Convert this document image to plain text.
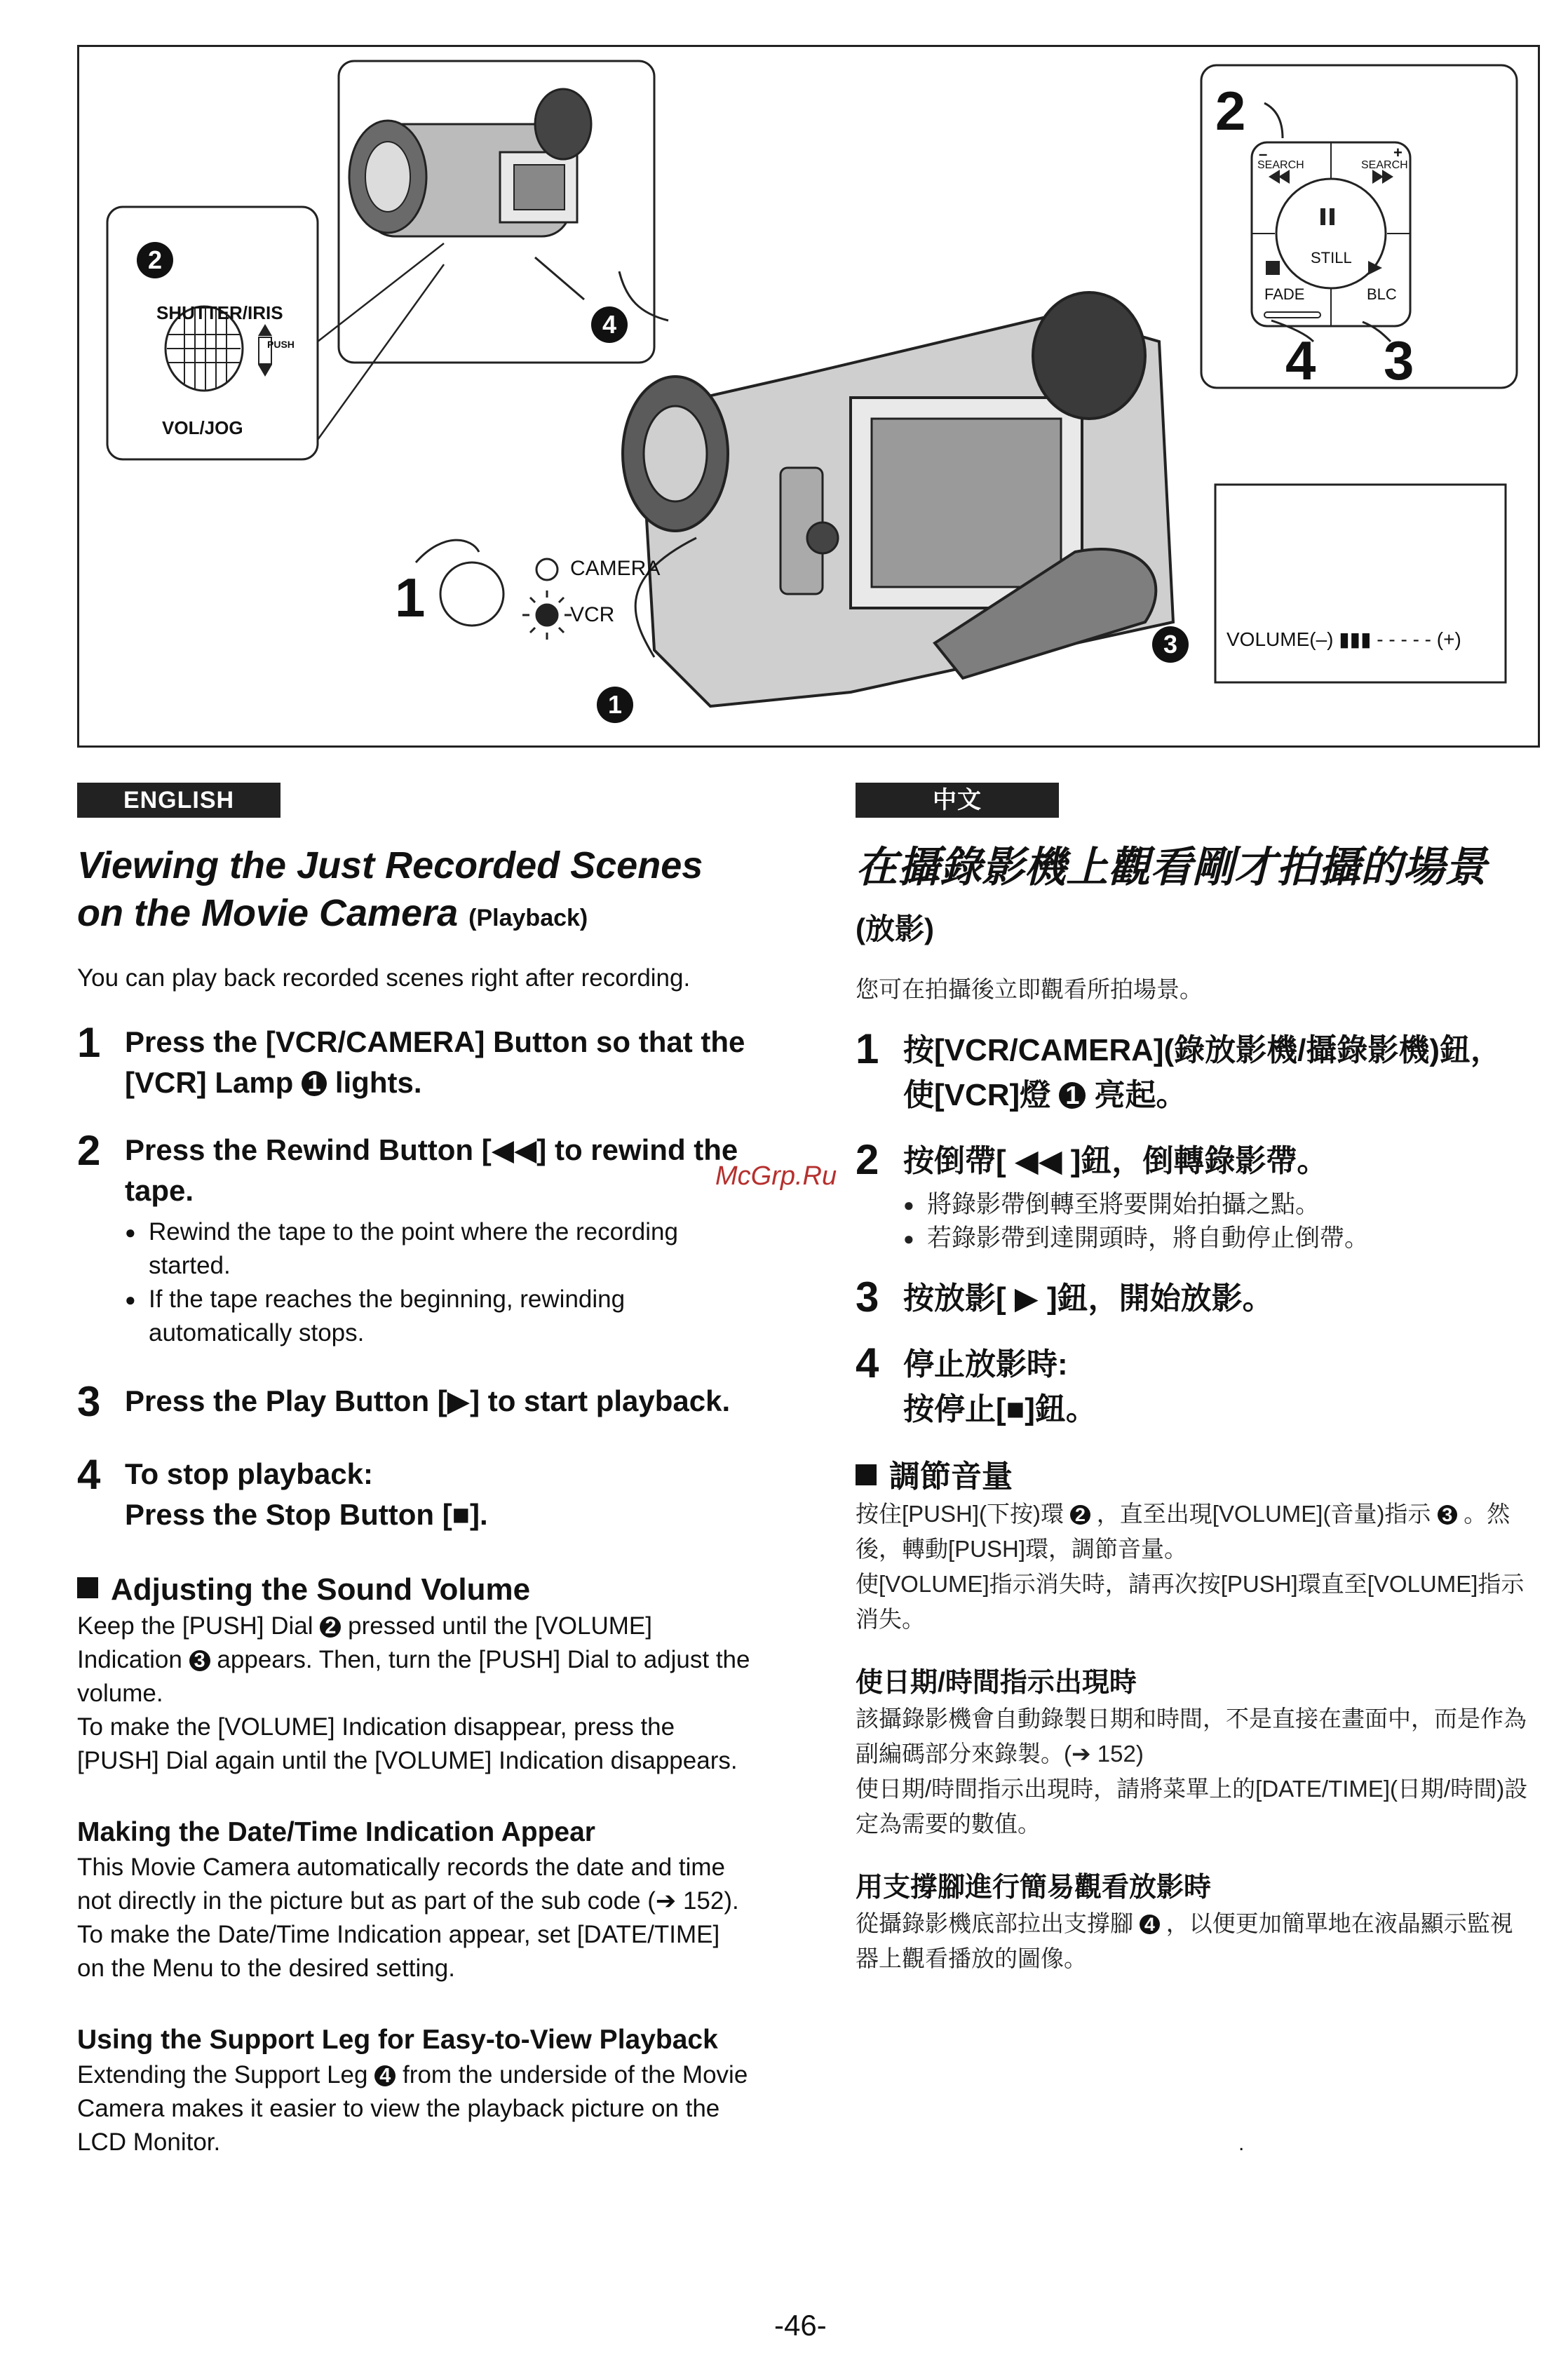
2
4 3
1
2
4
1
3
SHUTTER/IRIS
VOL/JOG
PUSH
CAMERA
VCR
–	+
SEARCH	SEARCH
STILL
FADE	BLC
VOLUME(–) ▮▮▮ - - - - - (+)
ENGLISH
Viewing the Just Recorded Scenes on the Movie Camera (Playback)
You can play back recorded scenes right after recording.
1 Press the [VCR/CAMERA] Button so that the [VCR] Lamp 1 lights.
2 Press the Rewind Button [◀◀] to rewind the tape.
● Rewind the tape to the point where the recording started.
● If the tape reaches the beginning, rewinding automatically stops.
3 Press the Play Button [▶] to start playback.
4 To stop playback:
Press the Stop Button [■].
Adjusting the Sound Volume
Keep the [PUSH] Dial 2 pressed until the [VOLUME] Indication 3 appears. Then, turn the [PUSH] Dial to adjust the volume.
To make the [VOLUME] Indication disappear, press the [PUSH] Dial again until the [VOLUME] Indication disappears.
Making the Date/Time Indication Appear
This Movie Camera automatically records the date and time not directly in the picture but as part of the sub code (➔ 152).
To make the Date/Time Indication appear, set [DATE/TIME] on the Menu to the desired setting.
Using the Support Leg for Easy-to-View Playback
Extending the Support Leg 4 from the underside of the Movie Camera makes it easier to view the playback picture on the LCD Monitor.
McGrp.Ru
中文
在攝錄影機上觀看剛才拍攝的場景 (放影)
您可在拍攝後立即觀看所拍場景。
1 按[VCR/CAMERA](錄放影機/攝錄影機)鈕，使[VCR]燈 1 亮起。
2 按倒帶[ ◀◀ ]鈕，倒轉錄影帶。
● 將錄影帶倒轉至將要開始拍攝之點。
● 若錄影帶到達開頭時，將自動停止倒帶。
3 按放影[ ▶ ]鈕，開始放影。
4 停止放影時:
按停止[■]鈕。
調節音量
按住[PUSH](下按)環 2 ，直至出現[VOLUME](音量)指示 3 。然後，轉動[PUSH]環，調節音量。
使[VOLUME]指示消失時，請再次按[PUSH]環直至[VOLUME]指示消失。
使日期/時間指示出現時
該攝錄影機會自動錄製日期和時間，不是直接在畫面中，而是作為副編碼部分來錄製。(➔ 152)
使日期/時間指示出現時，請將菜單上的[DATE/TIME](日期/時間)設定為需要的數值。
用支撐腳進行簡易觀看放影時
從攝錄影機底部拉出支撐腳 4 ，以便更加簡單地在液晶顯示監視器上觀看播放的圖像。
.
-46-
